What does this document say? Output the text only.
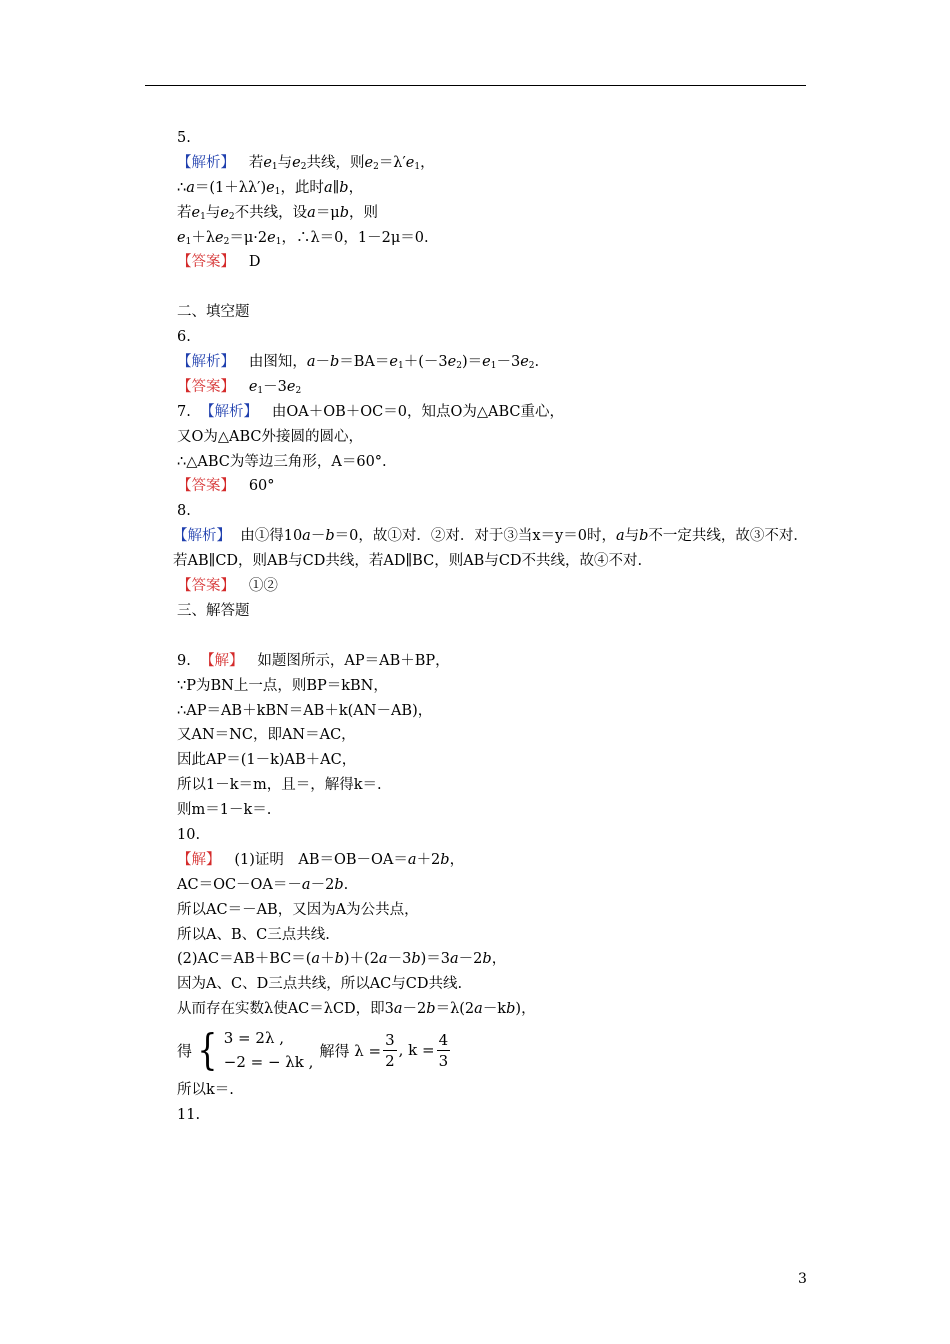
5.
【解析】 若$e_1$与$e_2$共线，则$e_2=\lambda'e_1$，
$\therefore a=(1+\lambda\lambda')e_1$，此时a∥b，
若$e_1$与$e_2$不共线，设a＝μb，则
$e_1+\lambda e_2=\mu\cdot 2e_1$，∴λ＝0，1－2μ＝0.
【答案】 D
二、填空题
6.
【解析】 由图知，$a-b=BA=e_1+(-3e_2)=e_1-3e_2$.
【答案】 $e_1-3e_2$
7. 【解析】 由OA＋OB＋OC＝0，知点O为△ABC重心，
又O为△ABC外接圆的圆心，
∴△ABC为等边三角形，A＝60°.
【答案】 60°
8.
【解析】 由①得10a－b＝0，故①对．②对．对于③当x＝y＝0时，a与b不一定共线，故③不对．若AB∥CD，则AB与CD共线，若AD∥BC，则AB与CD不共线，故④不对.
【答案】 ①②
三、解答题
9. 【解】 如题图所示，AP＝AB＋BP，
∵P为BN上一点，则BP＝kBN，
∴AP＝AB＋kBN＝AB＋k(AN－AB)，
又AN＝NC，即AN＝AC，
因此AP＝(1－k)AB＋AC，
所以1－k＝m，且＝，解得k＝.
则m＝1－k＝.
10.
【解】 (1)证明　AB＝OB－OA＝a＋2b，
AC＝OC－OA＝－a－2b.
所以AC＝－AB，又因为A为公共点，
所以A、B、C三点共线.
(2)AC＝AB＋BC＝(a＋b)＋(2a－3b)＝3a－2b，
因为A、C、D三点共线，所以AC与CD共线.
从而存在实数λ使AC＝λCD，即3a－2b＝λ(2a－kb)，
得 { 3 = 2λ ,
−2 = − λk ,
解得 $\lambda = \frac{3}{2}$ , $k = \frac{4}{3}$
所以k＝.
11.
3
